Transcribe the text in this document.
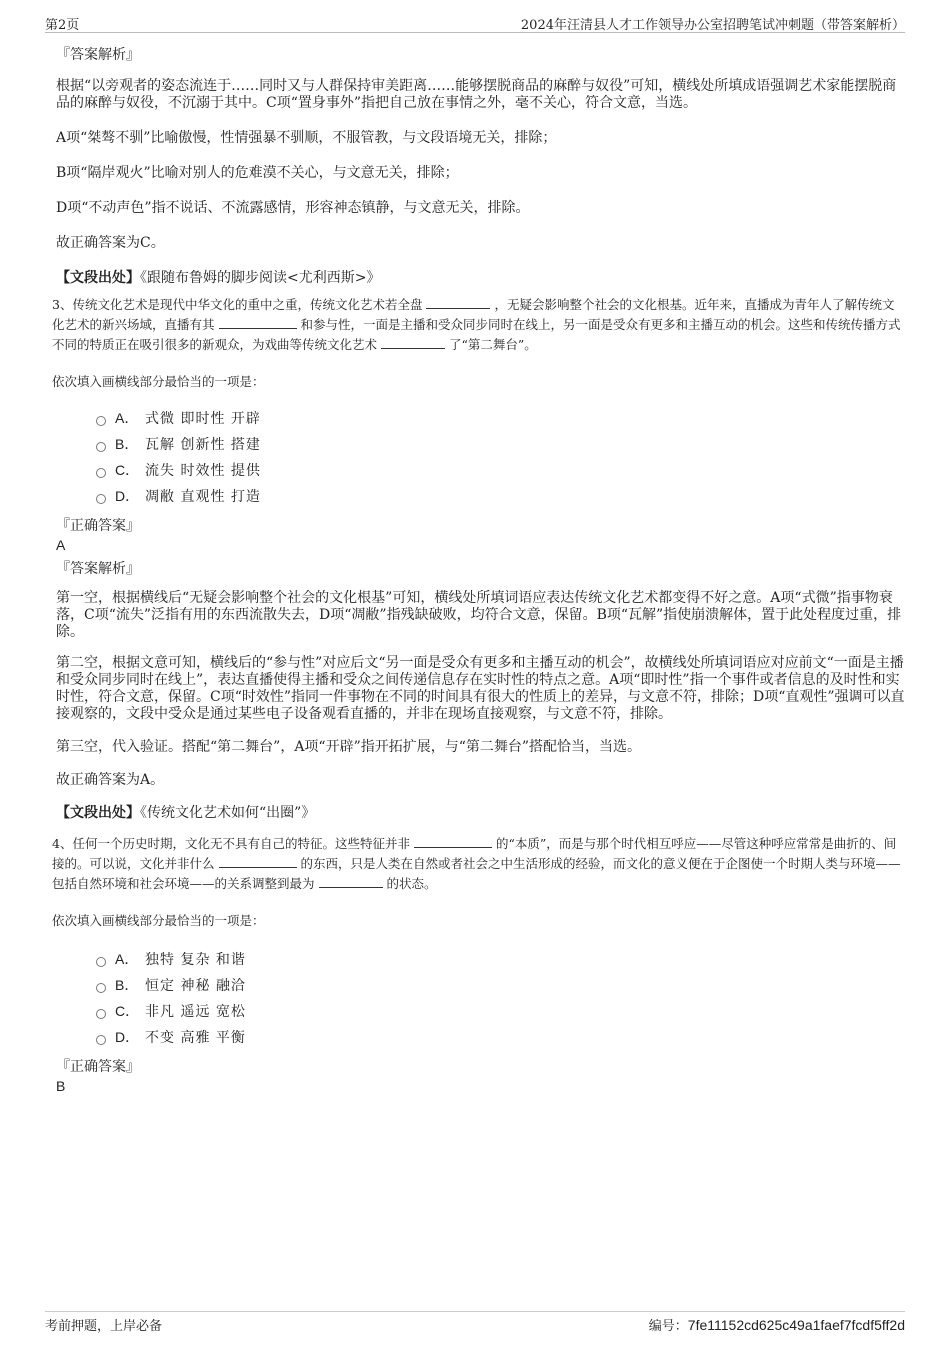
第2页	2024年汪清县人才工作领导办公室招聘笔试冲刺题（带答案解析）

『答案解析』

根据“以旁观者的姿态流连于……同时又与人群保持审美距离……能够摆脱商品的麻醉与奴役”可知，横线处所填成语强调艺术家能摆脱商品的麻醉与奴役，不沉溺于其中。C项“置身事外”指把自己放在事情之外，毫不关心，符合文意，当选。

A项“桀骜不驯”比喻傲慢，性情强暴不驯顺，不服管教，与文段语境无关，排除；

B项“隔岸观火”比喻对别人的危难漠不关心，与文意无关，排除；

D项“不动声色”指不说话、不流露感情，形容神态镇静，与文意无关，排除。

故正确答案为C。

【文段出处】《跟随布鲁姆的脚步阅读<尤利西斯>》

3、传统文化艺术是现代中华文化的重中之重，传统文化艺术若全盘	，无疑会影响整个社会的文化根基。近年来，直播成为青年人了解传统文化艺术的新兴场域，直播有其	和参与性，一面是主播和受众同步同时在线上，另一面是受众有更多和主播互动的机会。这些和传统传播方式不同的特质正在吸引很多的新观众，为戏曲等传统文化艺术	了“第二舞台”。

依次填入画横线部分最恰当的一项是：

A． 式微 即时性 开辟
B． 瓦解 创新性 搭建
C． 流失 时效性 提供
D． 凋敝 直观性 打造

『正确答案』

A

『答案解析』

第一空，根据横线后“无疑会影响整个社会的文化根基”可知，横线处所填词语应表达传统文化艺术都变得不好之意。A项“式微”指事物衰落，C项“流失”泛指有用的东西流散失去，D项“凋敝”指残缺破败，均符合文意，保留。B项“瓦解”指使崩溃解体，置于此处程度过重，排除。

第二空，根据文意可知，横线后的“参与性”对应后文“另一面是受众有更多和主播互动的机会”，故横线处所填词语应对应前文“一面是主播和受众同步同时在线上”，表达直播使得主播和受众之间传递信息存在实时性的特点之意。A项“即时性”指一个事件或者信息的及时性和实时性，符合文意，保留。C项“时效性”指同一件事物在不同的时间具有很大的性质上的差异，与文意不符，排除；D项“直观性”强调可以直接观察的，文段中受众是通过某些电子设备观看直播的，并非在现场直接观察，与文意不符，排除。

第三空，代入验证。搭配“第二舞台”，A项“开辟”指开拓扩展，与“第二舞台”搭配恰当，当选。

故正确答案为A。

【文段出处】《传统文化艺术如何“出圈”》

4、任何一个历史时期，文化无不具有自己的特征。这些特征并非	的“本质”，而是与那个时代相互呼应——尽管这种呼应常常是曲折的、间接的。可以说，文化并非什么	的东西，只是人类在自然或者社会之中生活形成的经验，而文化的意义便在于企图使一个时期人类与环境——包括自然环境和社会环境——的关系调整到最为	的状态。

依次填入画横线部分最恰当的一项是：

A． 独特 复杂 和谐
B． 恒定 神秘 融洽
C． 非凡 遥远 宽松
D． 不变 高雅 平衡

『正确答案』

B

考前押题，上岸必备	编号：7fe11152cd625c49a1faef7fcdf5ff2d
